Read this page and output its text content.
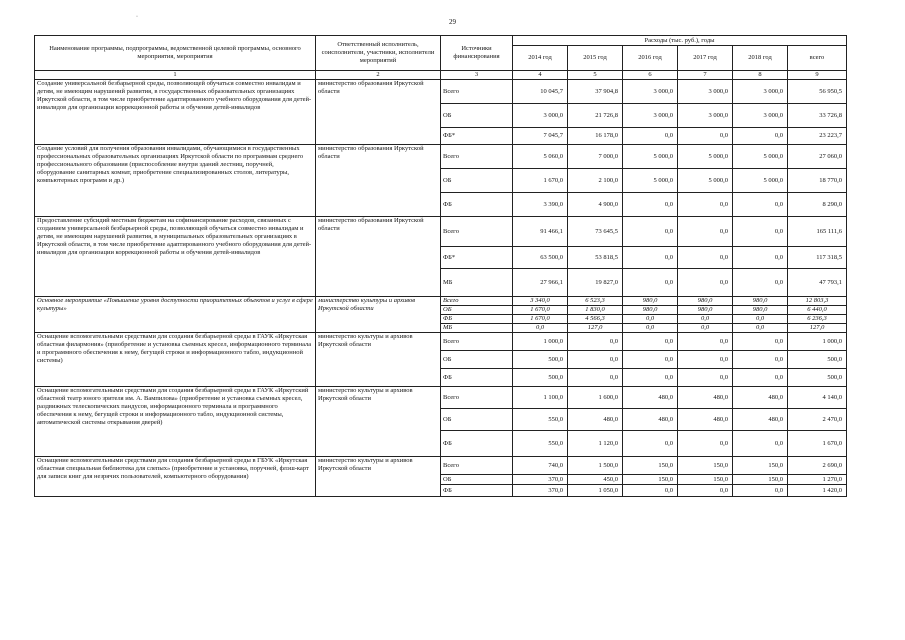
·
29
Наименование программы, подпрограммы, ведомственной целевой программы, основного мероприятия, мероприятия	Ответственный исполнитель, соисполнители, участники, исполнители мероприятий	Источники финансирования	Расходы (тыс. руб.), годы					
			2014 год	2015 год	2016 год	2017 год	2018 год	всего
1	2	3	4	5	6	7	8	9
Создание универсальной безбарьерной среды, позволяющей обучаться совместно инвалидам и детям, не имеющим нарушений развития, в государственных образовательных организациях Иркутской области, в том числе приобретение адаптированного учебного оборудования для детей-инвалидов для организации коррекционной работы и обучения детей-инвалидов	министерство образования Иркутской области	Всего	10 045,7	37 904,8	3 000,0	3 000,0	3 000,0	56 950,5
		ОБ	3 000,0	21 726,8	3 000,0	3 000,0	3 000,0	33 726,8
		ФБ*	7 045,7	16 178,0	0,0	0,0	0,0	23 223,7
Создание условий для получения образования инвалидами, обучающимися в государственных профессиональных образовательных организациях Иркутской области по программам среднего профессионального образования (приспособление внутри зданий лестниц, поручней, оборудование санитарных комнат, приобретение специализированных столов, литературы, компьютерных программ и др.)	министерство образования Иркутской области	Всего	5 060,0	7 000,0	5 000,0	5 000,0	5 000,0	27 060,0
		ОБ	1 670,0	2 100,0	5 000,0	5 000,0	5 000,0	18 770,0
		ФБ	3 390,0	4 900,0	0,0	0,0	0,0	8 290,0
Предоставление субсидий местным бюджетам на софинансирование расходов, связанных с созданием универсальной безбарьерной среды, позволяющей обучаться совместно инвалидам и детям, не имеющим нарушений развития, в муниципальных образовательных организациях в Иркутской области, в том числе приобретение адаптированного учебного оборудования для детей-инвалидов для организации коррекционной работы и обучения детей-инвалидов	министерство образования Иркутской области	Всего	91 466,1	73 645,5	0,0	0,0	0,0	165 111,6
		ФБ*	63 500,0	53 818,5	0,0	0,0	0,0	117 318,5
		МБ	27 966,1	19 827,0	0,0	0,0	0,0	47 793,1
Основное мероприятие «Повышение уровня доступности приоритетных объектов и услуг в сфере культуры»	министерство культуры и архивов Иркутской области	Всего	3 340,0	6 523,3	980,0	980,0	980,0	12 803,3
		ОБ	1 670,0	1 830,0	980,0	980,0	980,0	6 440,0
		ФБ	1 670,0	4 566,3	0,0	0,0	0,0	6 236,3
		МБ	0,0	127,0	0,0	0,0	0,0	127,0
Оснащение вспомогательными средствами для создания безбарьерной среды в ГАУК «Иркутская областная филармония» (приобретение и установка съемных кресел, информационного терминала и программного обеспечения к нему, бегущей строки и информационного табло, индукционной системы)	министерство культуры и архивов Иркутской области	Всего	1 000,0	0,0	0,0	0,0	0,0	1 000,0
		ОБ	500,0	0,0	0,0	0,0	0,0	500,0
		ФБ	500,0	0,0	0,0	0,0	0,0	500,0
Оснащение вспомогательными средствами для создания безбарьерной среды в ГАУК «Иркутский областной театр юного зрителя им. А. Вампилова» (приобретение и установка съемных кресел, раздвижных телескопических пандусов, информационного терминала и программного обеспечения к нему, бегущей строки и информационного табло, индукционной системы, автоматической системы открывания дверей)	министерство культуры и архивов Иркутской области	Всего	1 100,0	1 600,0	480,0	480,0	480,0	4 140,0
		ОБ	550,0	480,0	480,0	480,0	480,0	2 470,0
		ФБ	550,0	1 120,0	0,0	0,0	0,0	1 670,0
Оснащение вспомогательными средствами для создания безбарьерной среды в ГБУК «Иркутская областная специальная библиотека для слепых» (приобретение и установка, поручней, флэш-карт для записи книг для незрячих пользователей, компьютерного оборудования)	министерство культуры и архивов Иркутской области	Всего	740,0	1 500,0	150,0	150,0	150,0	2 690,0
		ОБ	370,0	450,0	150,0	150,0	150,0	1 270,0
		ФБ	370,0	1 050,0	0,0	0,0	0,0	1 420,0
